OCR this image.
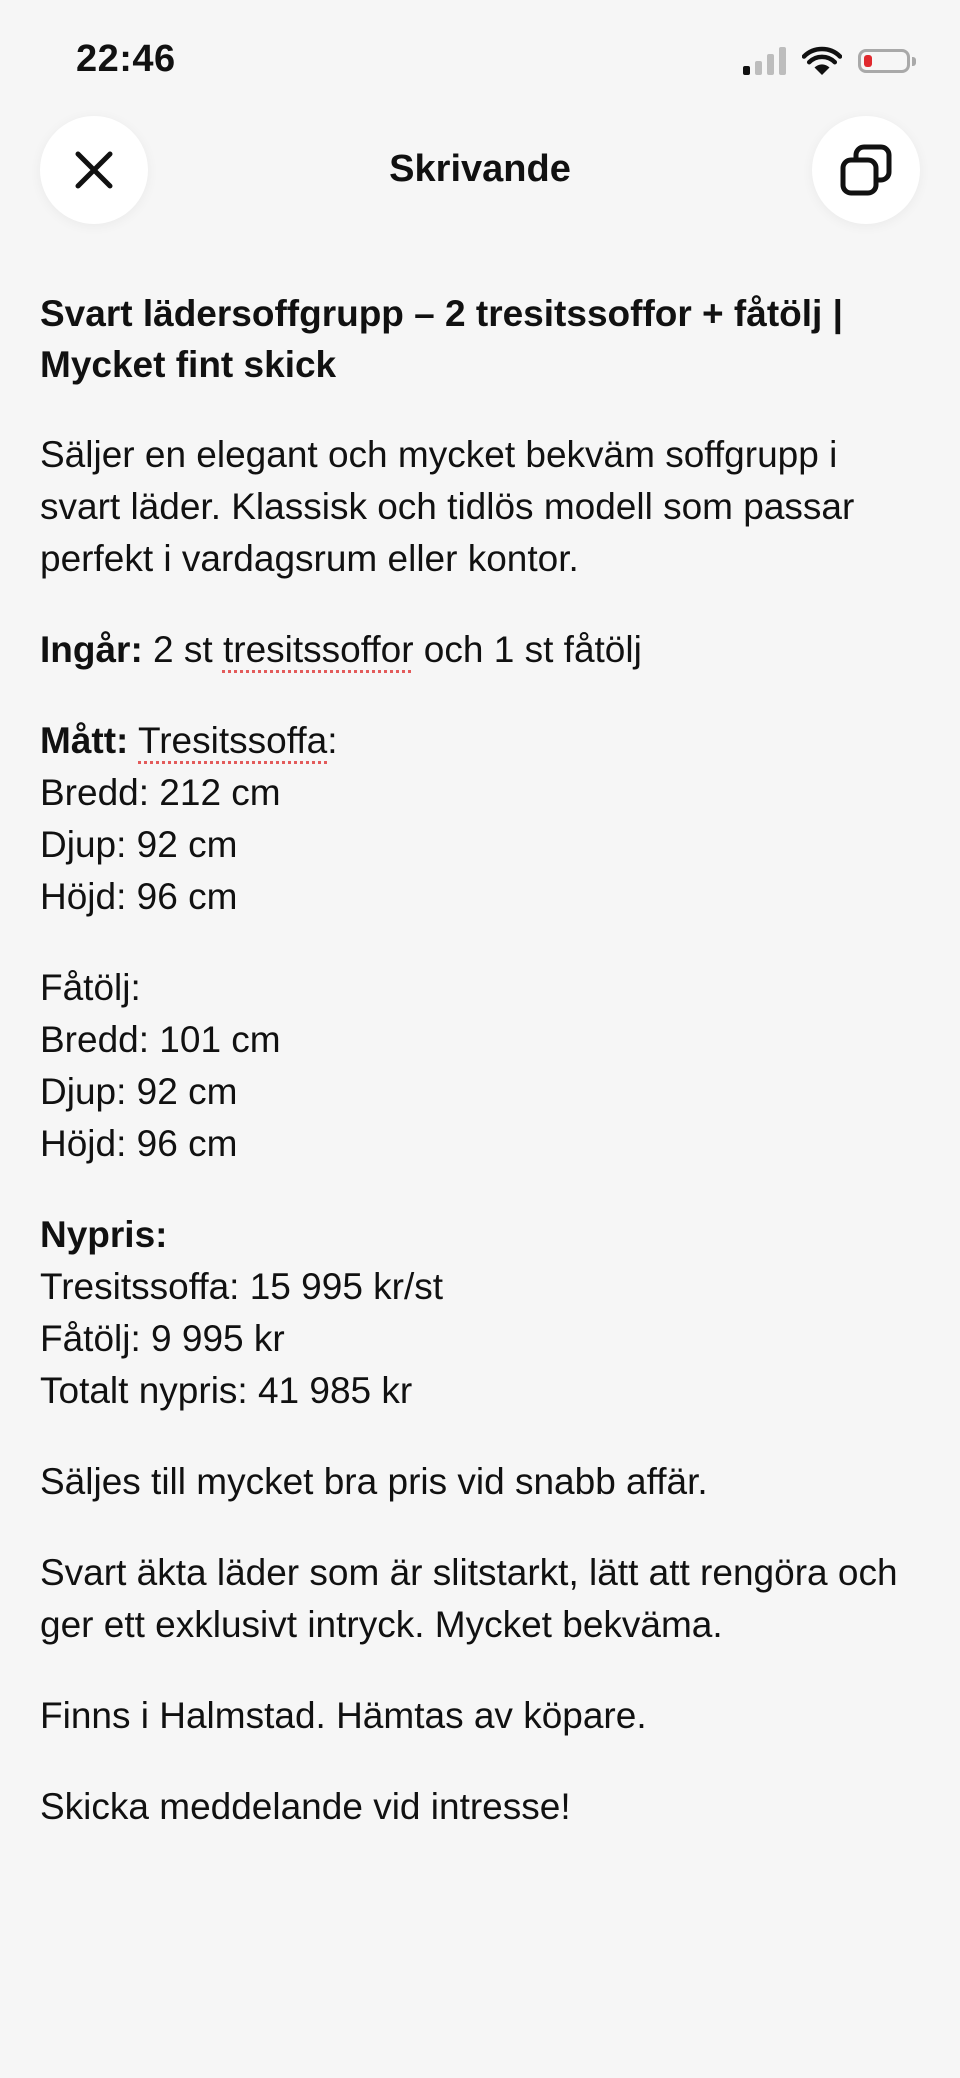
22:46
Skrivande

Svart lädersoffgrupp – 2 tresitssoffor + fåtölj | Mycket fint skick

Säljer en elegant och mycket bekväm soffgrupp i svart läder. Klassisk och tidlös modell som passar perfekt i vardagsrum eller kontor.

Ingår: 2 st tresitssoffor och 1 st fåtölj

Mått: Tresitssoffa:
Bredd: 212 cm
Djup: 92 cm
Höjd: 96 cm

Fåtölj:
Bredd: 101 cm
Djup: 92 cm
Höjd: 96 cm

Nypris:
Tresitssoffa: 15 995 kr/st
Fåtölj: 9 995 kr
Totalt nypris: 41 985 kr

Säljes till mycket bra pris vid snabb affär.

Svart äkta läder som är slitstarkt, lätt att rengöra och ger ett exklusivt intryck. Mycket bekväma.

Finns i Halmstad. Hämtas av köpare.

Skicka meddelande vid intresse!
